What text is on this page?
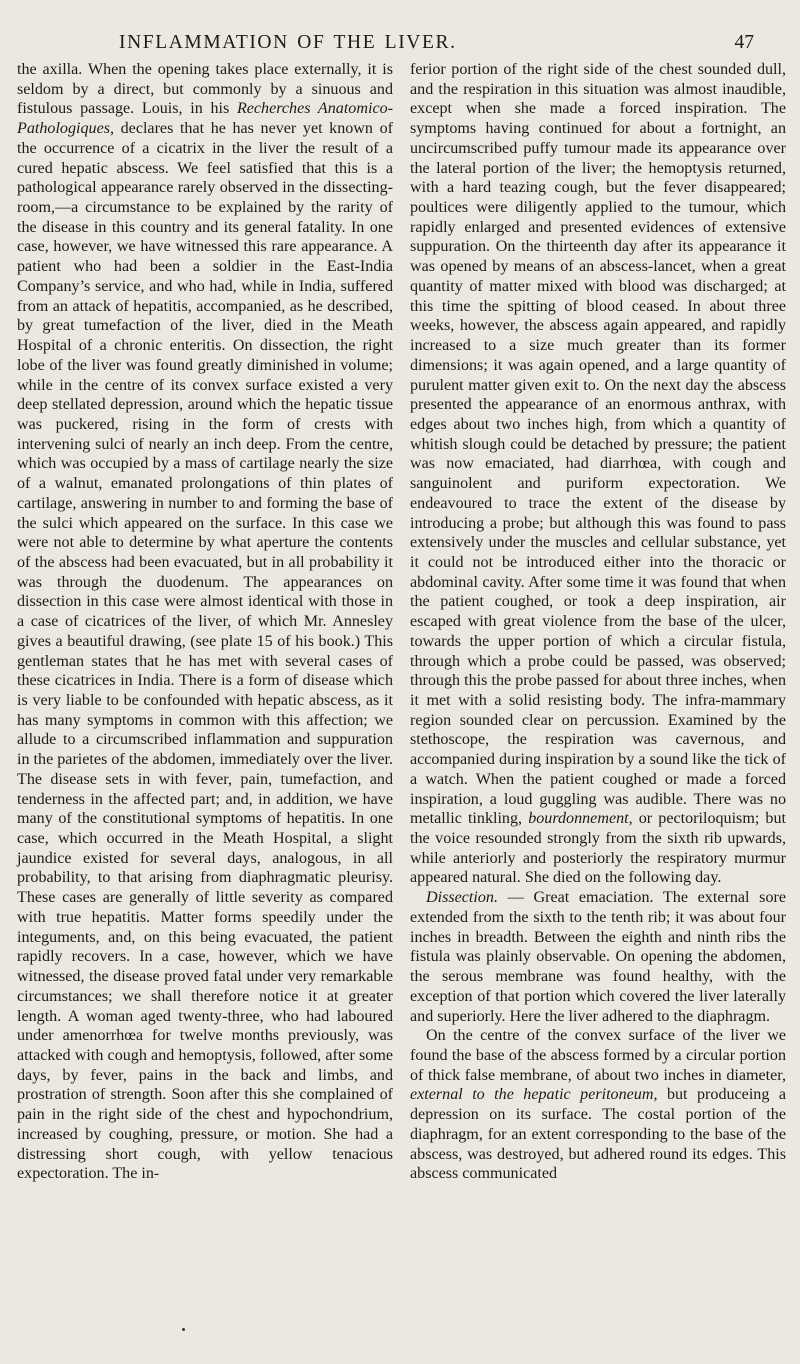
INFLAMMATION OF THE LIVER.	47

the axilla. When the opening takes place externally, it is seldom by a direct, but commonly by a sinuous and fistulous passage. Louis, in his Recherches Anatomico-Pathologiques, declares that he has never yet known of the occurrence of a cicatrix in the liver the result of a cured hepatic abscess. We feel satisfied that this is a pathological appearance rarely observed in the dissecting-room,—a circumstance to be explained by the rarity of the disease in this country and its general fatality. In one case, however, we have witnessed this rare appearance. A patient who had been a soldier in the East-India Company’s service, and who had, while in India, suffered from an attack of hepatitis, accompanied, as he described, by great tumefaction of the liver, died in the Meath Hospital of a chronic enteritis. On dissection, the right lobe of the liver was found greatly diminished in volume; while in the centre of its convex surface existed a very deep stellated depression, around which the hepatic tissue was puckered, rising in the form of crests with intervening sulci of nearly an inch deep. From the centre, which was occupied by a mass of cartilage nearly the size of a walnut, emanated prolongations of thin plates of cartilage, answering in number to and forming the base of the sulci which appeared on the surface. In this case we were not able to determine by what aperture the contents of the abscess had been evacuated, but in all probability it was through the duodenum. The appearances on dissection in this case were almost identical with those in a case of cicatrices of the liver, of which Mr. Annesley gives a beautiful drawing, (see plate 15 of his book.) This gentleman states that he has met with several cases of these cicatrices in India. There is a form of disease which is very liable to be confounded with hepatic abscess, as it has many symptoms in common with this affection; we allude to a circumscribed inflammation and suppuration in the parietes of the abdomen, immediately over the liver. The disease sets in with fever, pain, tumefaction, and tenderness in the affected part; and, in addition, we have many of the constitutional symptoms of hepatitis. In one case, which occurred in the Meath Hospital, a slight jaundice existed for several days, analogous, in all probability, to that arising from diaphragmatic pleurisy. These cases are generally of little severity as compared with true hepatitis. Matter forms speedily under the integuments, and, on this being evacuated, the patient rapidly recovers. In a case, however, which we have witnessed, the disease proved fatal under very remarkable circumstances; we shall therefore notice it at greater length. A woman aged twenty-three, who had laboured under amenorrhœa for twelve months previously, was attacked with cough and hemoptysis, followed, after some days, by fever, pains in the back and limbs, and prostration of strength. Soon after this she complained of pain in the right side of the chest and hypochondrium, increased by coughing, pressure, or motion. She had a distressing short cough, with yellow tenacious expectoration. The in-

ferior portion of the right side of the chest sounded dull, and the respiration in this situation was almost inaudible, except when she made a forced inspiration. The symptoms having continued for about a fortnight, an uncircumscribed puffy tumour made its appearance over the lateral portion of the liver; the hemoptysis returned, with a hard teazing cough, but the fever disappeared; poultices were diligently applied to the tumour, which rapidly enlarged and presented evidences of extensive suppuration. On the thirteenth day after its appearance it was opened by means of an abscess-lancet, when a great quantity of matter mixed with blood was discharged; at this time the spitting of blood ceased. In about three weeks, however, the abscess again appeared, and rapidly increased to a size much greater than its former dimensions; it was again opened, and a large quantity of purulent matter given exit to. On the next day the abscess presented the appearance of an enormous anthrax, with edges about two inches high, from which a quantity of whitish slough could be detached by pressure; the patient was now emaciated, had diarrhœa, with cough and sanguinolent and puriform expectoration. We endeavoured to trace the extent of the disease by introducing a probe; but although this was found to pass extensively under the muscles and cellular substance, yet it could not be introduced either into the thoracic or abdominal cavity. After some time it was found that when the patient coughed, or took a deep inspiration, air escaped with great violence from the base of the ulcer, towards the upper portion of which a circular fistula, through which a probe could be passed, was observed; through this the probe passed for about three inches, when it met with a solid resisting body. The infra-mammary region sounded clear on percussion. Examined by the stethoscope, the respiration was cavernous, and accompanied during inspiration by a sound like the tick of a watch. When the patient coughed or made a forced inspiration, a loud guggling was audible. There was no metallic tinkling, bourdonnement, or pectoriloquism; but the voice resounded strongly from the sixth rib upwards, while anteriorly and posteriorly the respiratory murmur appeared natural. She died on the following day.

Dissection. — Great emaciation. The external sore extended from the sixth to the tenth rib; it was about four inches in breadth. Between the eighth and ninth ribs the fistula was plainly observable. On opening the abdomen, the serous membrane was found healthy, with the exception of that portion which covered the liver laterally and superiorly. Here the liver adhered to the diaphragm.

On the centre of the convex surface of the liver we found the base of the abscess formed by a circular portion of thick false membrane, of about two inches in diameter, external to the hepatic peritoneum, but produceing a depression on its surface. The costal portion of the diaphragm, for an extent corresponding to the base of the abscess, was destroyed, but adhered round its edges. This abscess communicated
